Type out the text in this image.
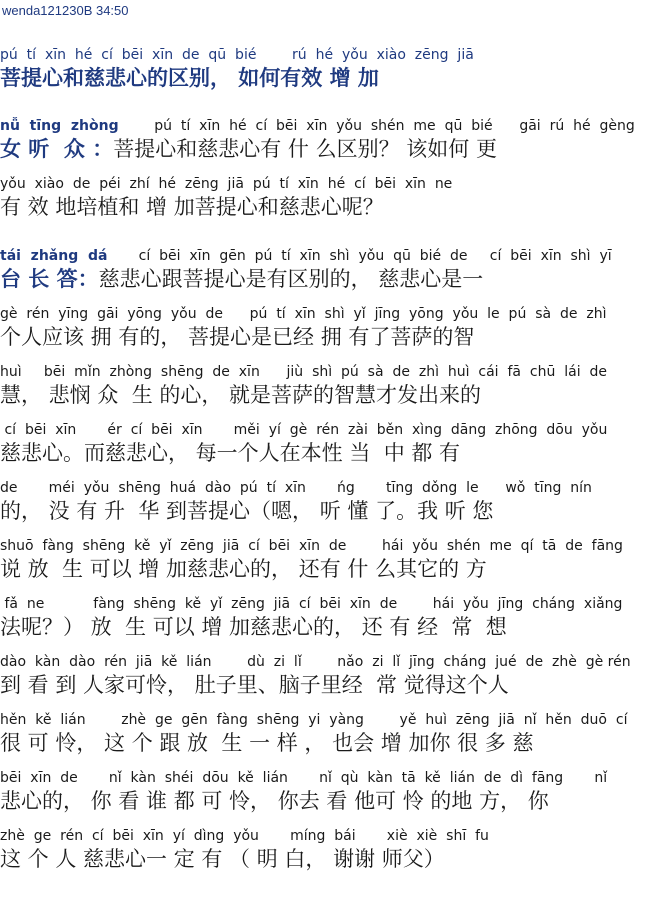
wenda121230B 34:50
pú  tí  xīn  hé  cí  bēi  xīn  de  qū  bié        rú  hé  yǒu  xiào  zēng  jiā
菩提心和慈悲心的区别， 如何有效 增 加
nǚ  tīng  zhòng        pú  tí  xīn  hé  cí  bēi  xīn  yǒu  shén  me  qū  bié      gāi  rú  hé  gèng
女 听  众 ：菩提心和慈悲心有 什 么区别？ 该如何 更
yǒu  xiào  de  péi  zhí  hé  zēng  jiā  pú  tí  xīn  hé  cí  bēi  xīn  ne
有 效 地培植和 增 加菩提心和慈悲心呢？
tái  zhǎng  dá       cí  bēi  xīn  gēn  pú  tí  xīn  shì  yǒu  qū  bié  de     cí  bēi  xīn  shì  yī
台 长 答：慈悲心跟菩提心是有区别的， 慈悲心是一
gè  rén  yīng  gāi  yōng  yǒu  de      pú  tí  xīn  shì  yǐ  jīng  yōng  yǒu  le  pú  sà  de  zhì
个人应该 拥 有的， 菩提心是已经 拥 有了菩萨的智
huì     bēi  mǐn  zhòng  shēng  de  xīn      jiù  shì  pú  sà  de  zhì  huì  cái  fā  chū  lái  de
慧， 悲悯 众  生 的心， 就是菩萨的智慧才发出来的
cí  bēi  xīn       ér  cí  bēi  xīn       měi  yí  gè  rén  zài  běn  xìng  dāng  zhōng  dōu  yǒu
慈悲心。而慈悲心， 每一个人在本性 当  中 都 有
de       méi  yǒu  shēng  huá  dào  pú  tí  xīn       ńg       tīng  dǒng  le      wǒ  tīng  nín
的， 没 有 升  华 到菩提心（嗯， 听 懂 了。我 听 您
shuō  fàng  shēng  kě  yǐ  zēng  jiā  cí  bēi  xīn  de        hái  yǒu  shén  me  qí  tā  de  fāng
说 放  生 可以 增 加慈悲心的， 还有 什 么其它的 方
fǎ  ne           fàng  shēng  kě  yǐ  zēng  jiā  cí  bēi  xīn  de        hái  yǒu  jīng  cháng  xiǎng
法呢？） 放  生 可以 增 加慈悲心的， 还 有 经  常  想
dào  kàn  dào  rén  jiā  kě  lián        dù  zi  lǐ        nǎo  zi  lǐ  jīng  cháng  jué  de  zhè  gè rén
到 看 到 人家可怜， 肚子里、脑子里经  常 觉得这个人
hěn  kě  lián        zhè  ge  gēn  fàng  shēng  yi  yàng        yě  huì  zēng  jiā  nǐ  hěn  duō  cí
很 可 怜， 这 个 跟 放  生 一 样 ， 也会 增 加你 很 多 慈
bēi  xīn  de       nǐ  kàn  shéi  dōu  kě  lián       nǐ  qù  kàn  tā  kě  lián  de  dì  fāng       nǐ
悲心的， 你 看 谁 都 可 怜， 你去 看 他可 怜 的地 方， 你
zhè  ge  rén  cí  bēi  xīn  yí  dìng  yǒu       míng  bái       xiè  xiè  shī  fu
这 个 人 慈悲心一 定 有 （ 明 白， 谢谢 师父）
